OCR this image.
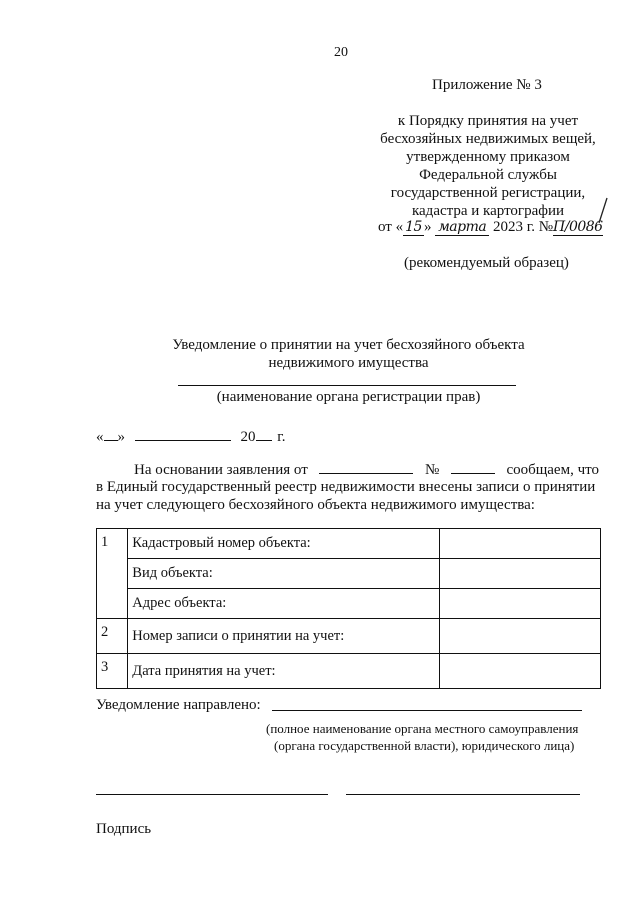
20
Приложение № 3
к Порядку принятия на учет
бесхозяйных недвижимых вещей,
утвержденному приказом
Федеральной службы
государственной регистрации,
кадастра и картографии
от « 15 » марта 2023 г. №П/0086
(рекомендуемый образец)
Уведомление о принятии на учет бесхозяйного объекта
недвижимого имущества
(наименование органа регистрации прав)
« »	20 г.
На основании заявления от	№	сообщаем, что
в Единый государственный реестр недвижимости внесены записи о принятии
на учет следующего бесхозяйного объекта недвижимого имущества:
1	Кадастровый номер объекта:	
	Вид объекта:	
	Адрес объекта:	
2	Номер записи о принятии на учет:	
3	Дата принятия на учет:	
Уведомление направлено:
(полное наименование органа местного самоуправления
(органа государственной власти), юридического лица)
Подпись
